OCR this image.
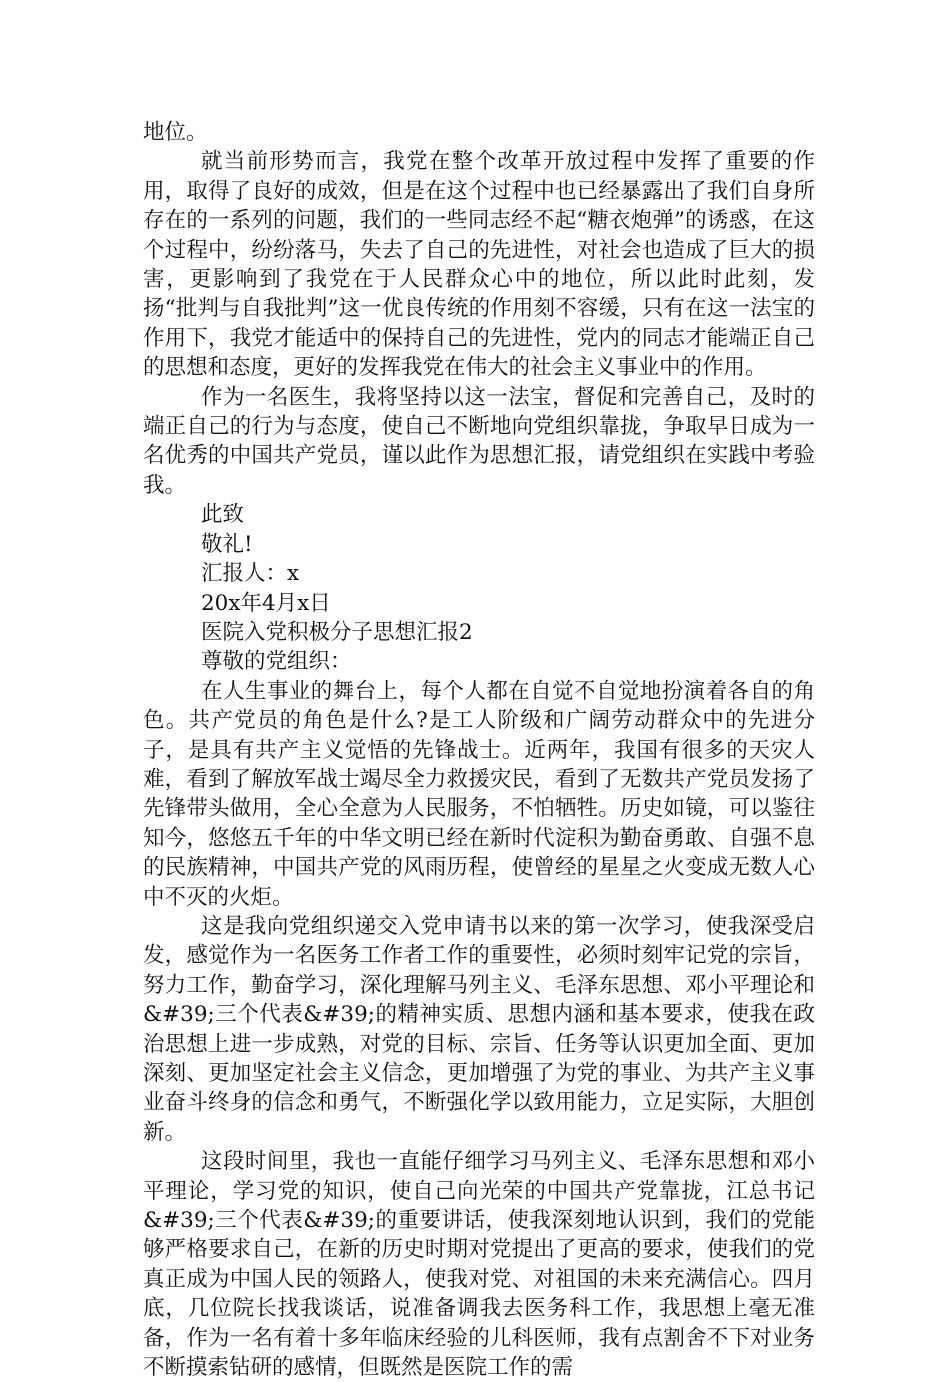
地位。

就当前形势而言，我党在整个改革开放过程中发挥了重要的作用，取得了良好的成效，但是在这个过程中也已经暴露出了我们自身所存在的一系列的问题，我们的一些同志经不起“糖衣炮弹”的诱惑，在这个过程中，纷纷落马，失去了自己的先进性，对社会也造成了巨大的损害，更影响到了我党在于人民群众心中的地位，所以此时此刻，发扬“批判与自我批判”这一优良传统的作用刻不容缓，只有在这一法宝的作用下，我党才能适中的保持自己的先进性，党内的同志才能端正自己的思想和态度，更好的发挥我党在伟大的社会主义事业中的作用。

作为一名医生，我将坚持以这一法宝，督促和完善自己，及时的端正自己的行为与态度，使自己不断地向党组织靠拢，争取早日成为一名优秀的中国共产党员，谨以此作为思想汇报，请党组织在实践中考验我。

此致

敬礼!

汇报人：x

20x年4月x日

医院入党积极分子思想汇报2

尊敬的党组织：

在人生事业的舞台上，每个人都在自觉不自觉地扮演着各自的角色。共产党员的角色是什么?是工人阶级和广阔劳动群众中的先进分子，是具有共产主义觉悟的先锋战士。近两年，我国有很多的天灾人难，看到了解放军战士竭尽全力救援灾民，看到了无数共产党员发扬了先锋带头做用，全心全意为人民服务，不怕牺牲。历史如镜，可以鉴往知今，悠悠五千年的中华文明已经在新时代淀积为勤奋勇敢、自强不息的民族精神，中国共产党的风雨历程，使曾经的星星之火变成无数人心中不灭的火炬。

这是我向党组织递交入党申请书以来的第一次学习，使我深受启发，感觉作为一名医务工作者工作的重要性，必须时刻牢记党的宗旨，努力工作，勤奋学习，深化理解马列主义、毛泽东思想、邓小平理论和&#39;三个代表&#39;的精神实质、思想内涵和基本要求，使我在政治思想上进一步成熟，对党的目标、宗旨、任务等认识更加全面、更加深刻、更加坚定社会主义信念，更加增强了为党的事业、为共产主义事业奋斗终身的信念和勇气，不断强化学以致用能力，立足实际，大胆创新。

这段时间里，我也一直能仔细学习马列主义、毛泽东思想和邓小平理论，学习党的知识，使自己向光荣的中国共产党靠拢，江总书记&#39;三个代表&#39;的重要讲话，使我深刻地认识到，我们的党能够严格要求自己，在新的历史时期对党提出了更高的要求，使我们的党真正成为中国人民的领路人，使我对党、对祖国的未来充满信心。四月底，几位院长找我谈话，说准备调我去医务科工作，我思想上毫无准备，作为一名有着十多年临床经验的儿科医师，我有点割舍不下对业务不断摸索钻研的感情，但既然是医院工作的需
